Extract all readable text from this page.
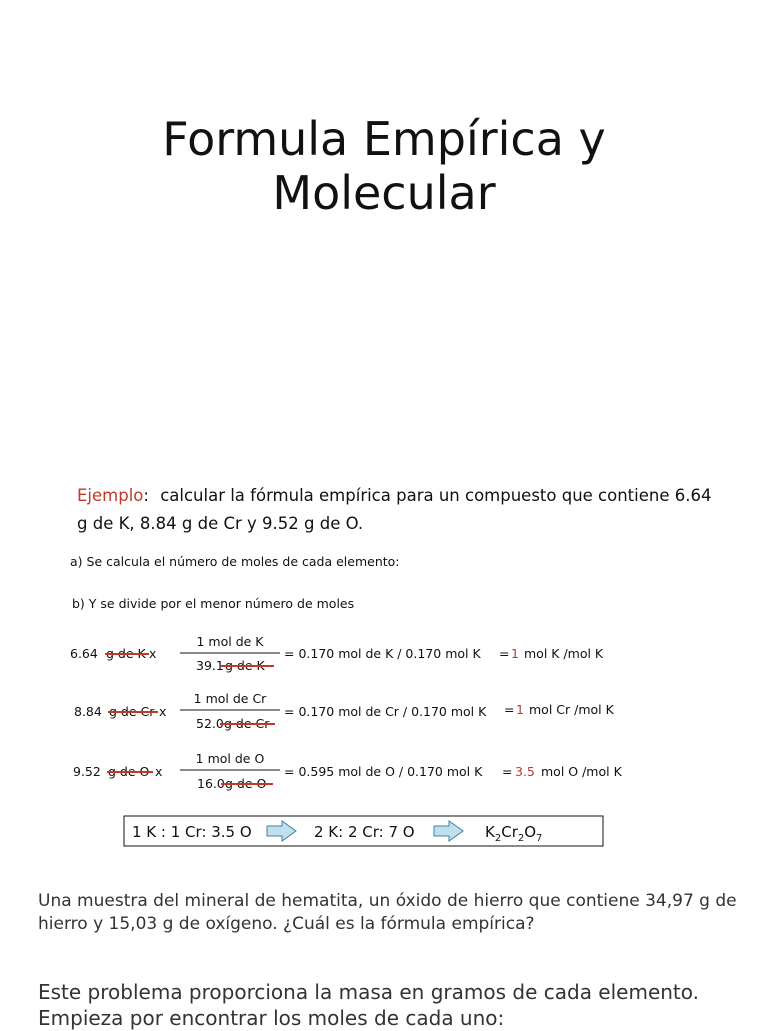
Formula Empírica y
Molecular
Ejemplo: calcular la fórmula empírica para un compuesto que contiene 6.64
g de K, 8.84 g de Cr y 9.52 g de O.
a) Se calcula el número de moles de cada elemento:
b) Y se divide por el menor número de moles
6.64 g de K x
1 mol de K
39.1 g de K
= 0.170 mol de K / 0.170 mol K = 1 mol K /mol K
8.84 g de Cr x
1 mol de Cr
52.0 g de Cr
= 0.170 mol de Cr / 0.170 mol K = 1 mol Cr /mol K
9.52 g de O x
1 mol de O
16.0 g de O
= 0.595 mol de O / 0.170 mol K = 3.5 mol O /mol K
1 K : 1 Cr: 3.5 O	2 K: 2 Cr: 7 O	$K_2Cr_2O_7$
Una muestra del mineral de hematita, un óxido de hierro que contiene 34,97 g de hierro y 15,03 g de oxígeno. ¿Cuál es la fórmula empírica?
Este problema proporciona la masa en gramos de cada elemento. Empieza por encontrar los moles de cada uno:
